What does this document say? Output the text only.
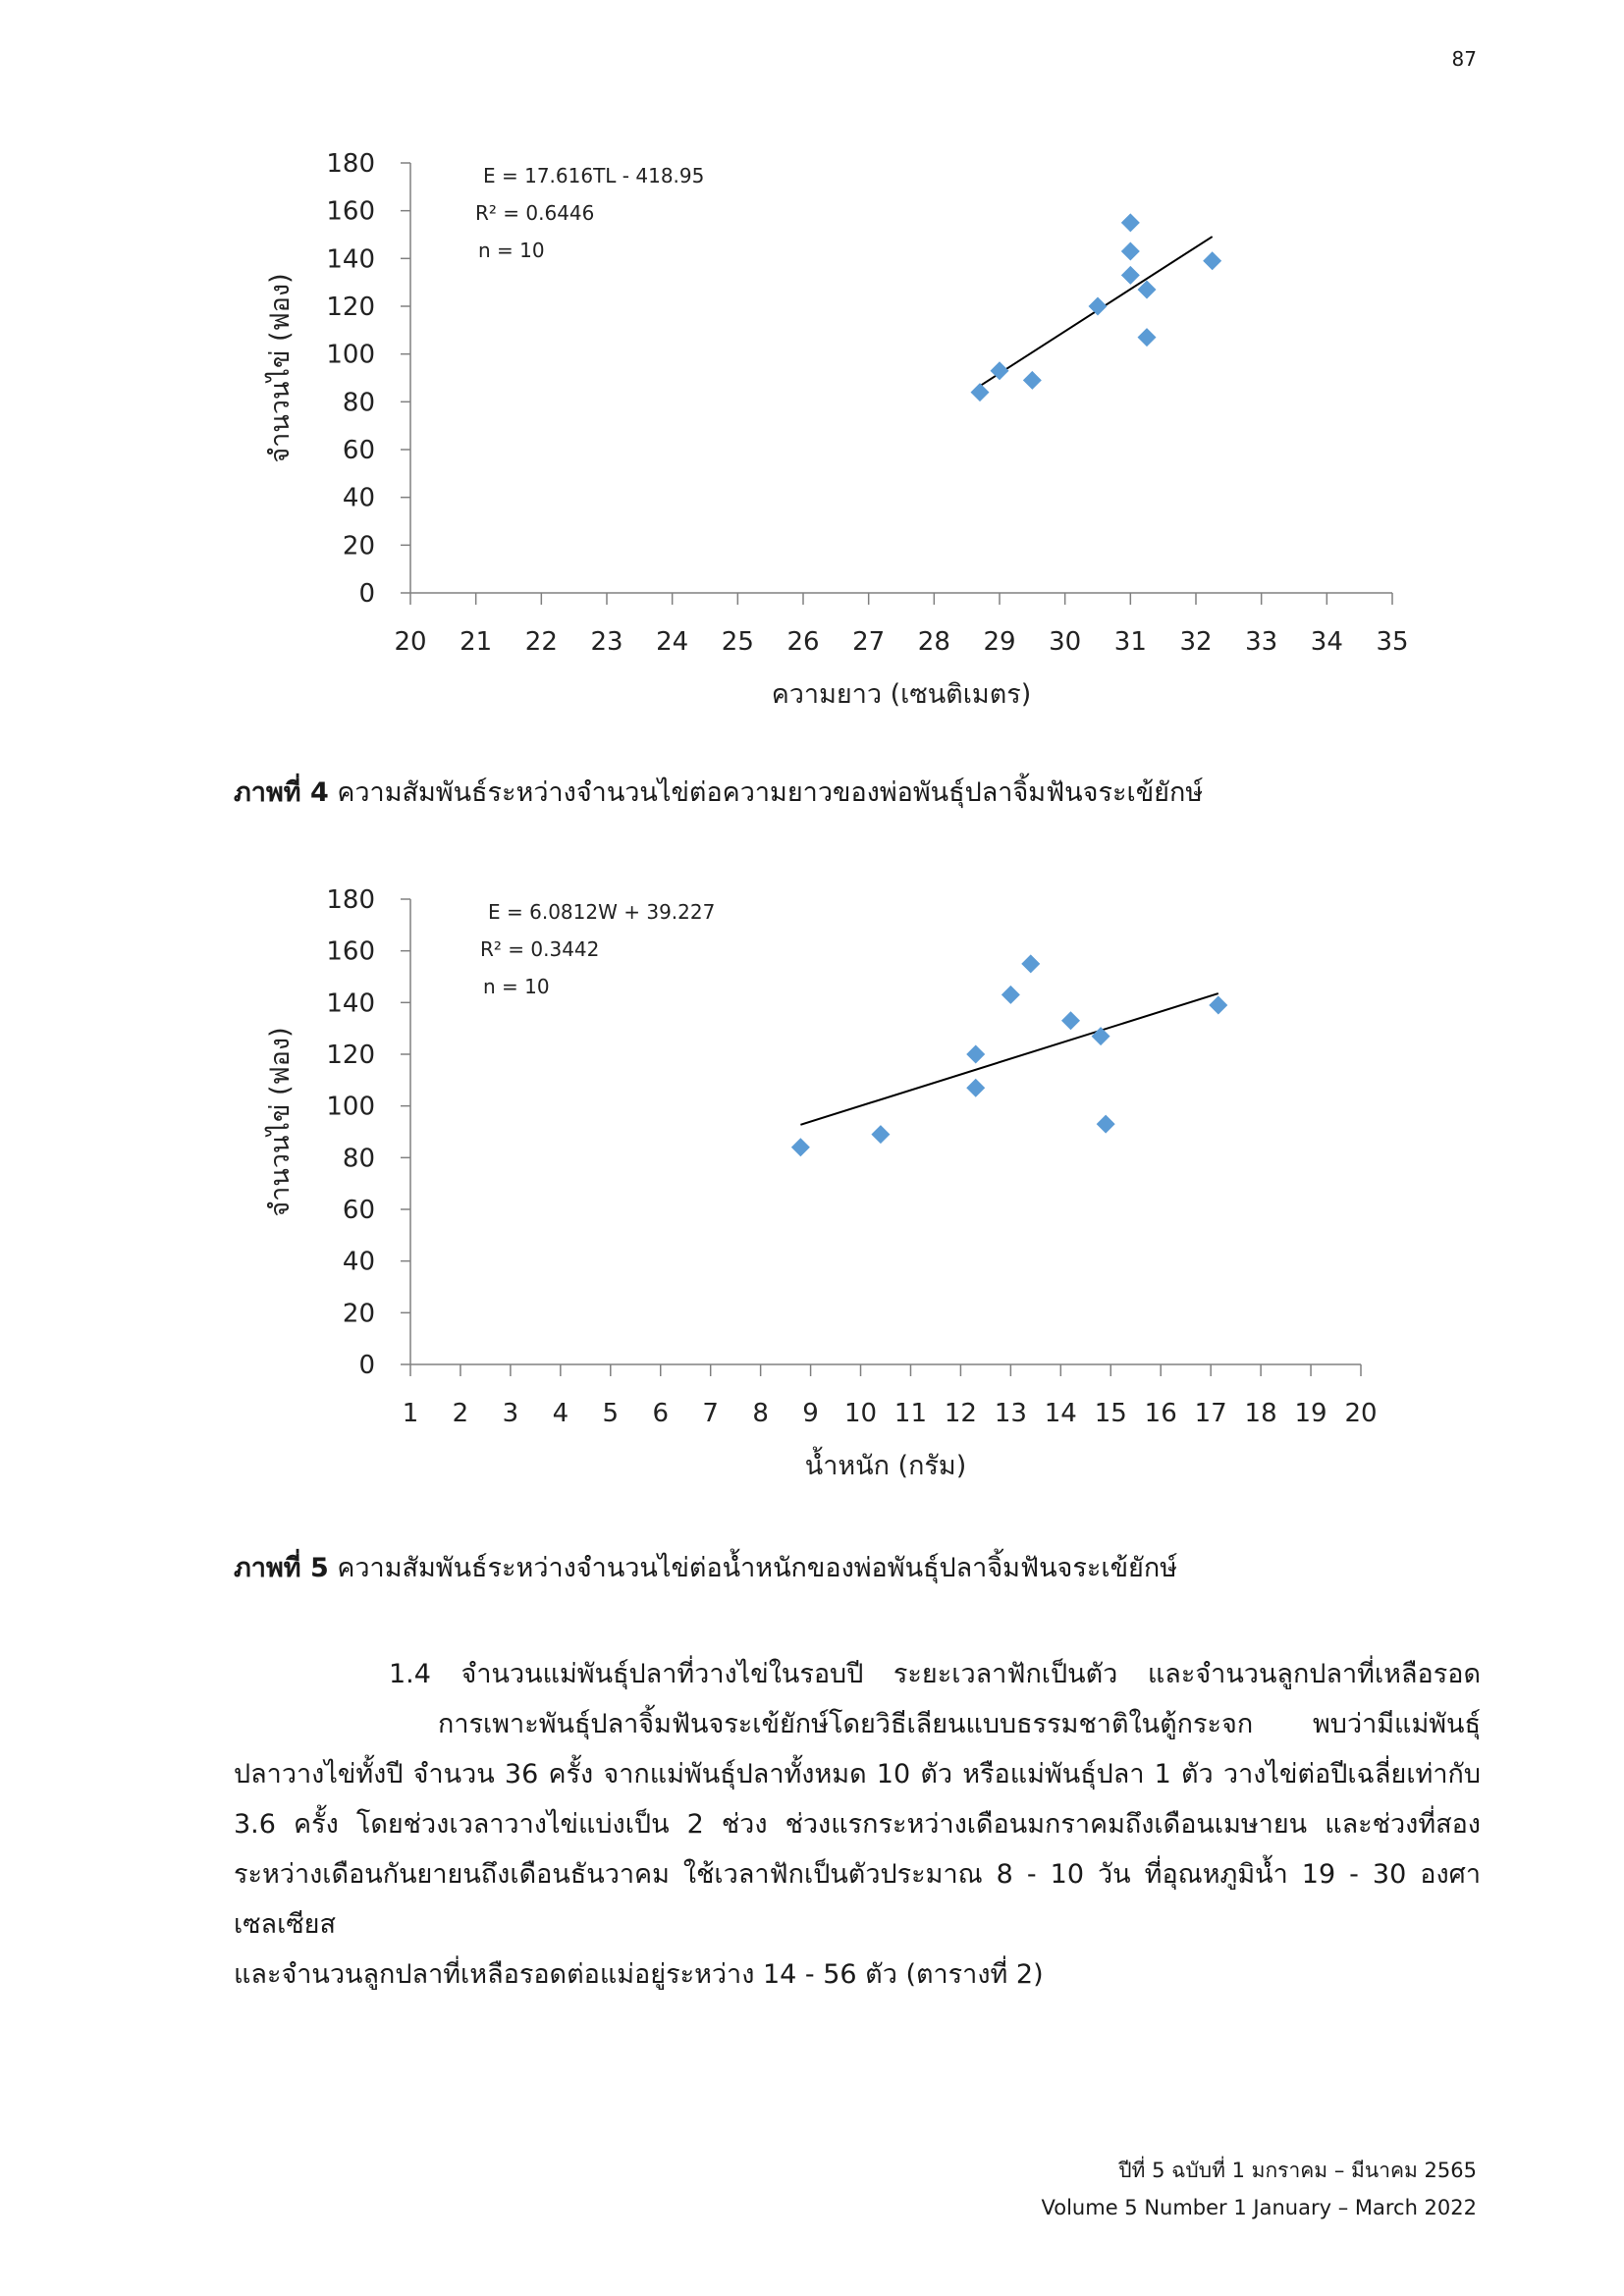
87
0
20
40
60
80
100
120
140
160
180
20 21 22 23 24 25 26 27 28 29 30 31 32 33 34 35
ความยาว (เซนติเมตร)
จำนวนไข่ (ฟอง)
E = 17.616TL - 418.95
R² = 0.6446
n = 10
ภาพที่ 4 ความสัมพันธ์ระหว่างจำนวนไข่ต่อความยาวของพ่อพันธุ์ปลาจิ้มฟันจระเข้ยักษ์
0
20
40
60
80
100
120
140
160
180
1 2 3 4 5 6 7 8 9 10 11 12 13 14 15 16 17 18 19 20
น้ำหนัก (กรัม)
จำนวนไข่ (ฟอง)
E = 6.0812W + 39.227
R² = 0.3442
n = 10
ภาพที่ 5 ความสัมพันธ์ระหว่างจำนวนไข่ต่อน้ำหนักของพ่อพันธุ์ปลาจิ้มฟันจระเข้ยักษ์

1.4 จำนวนแม่พันธุ์ปลาที่วางไข่ในรอบปี ระยะเวลาฟักเป็นตัว และจำนวนลูกปลาที่เหลือรอด

การเพาะพันธุ์ปลาจิ้มฟันจระเข้ยักษ์โดยวิธีเลียนแบบธรรมชาติในตู้กระจก พบว่ามีแม่พันธุ์

ปลาวางไข่ทั้งปี จำนวน 36 ครั้ง จากแม่พันธุ์ปลาทั้งหมด 10 ตัว หรือแม่พันธุ์ปลา 1 ตัว วางไข่ต่อปีเฉลี่ยเท่ากับ

3.6 ครั้ง โดยช่วงเวลาวางไข่แบ่งเป็น 2 ช่วง ช่วงแรกระหว่างเดือนมกราคมถึงเดือนเมษายน และช่วงที่สอง

ระหว่างเดือนกันยายนถึงเดือนธันวาคม ใช้เวลาฟักเป็นตัวประมาณ 8 - 10 วัน ที่อุณหภูมิน้ำ 19 - 30 องศาเซลเซียส

และจำนวนลูกปลาที่เหลือรอดต่อแม่อยู่ระหว่าง 14 - 56 ตัว (ตารางที่ 2)

ปีที่ 5 ฉบับที่ 1 มกราคม – มีนาคม 2565
Volume 5 Number 1 January – March 2022
